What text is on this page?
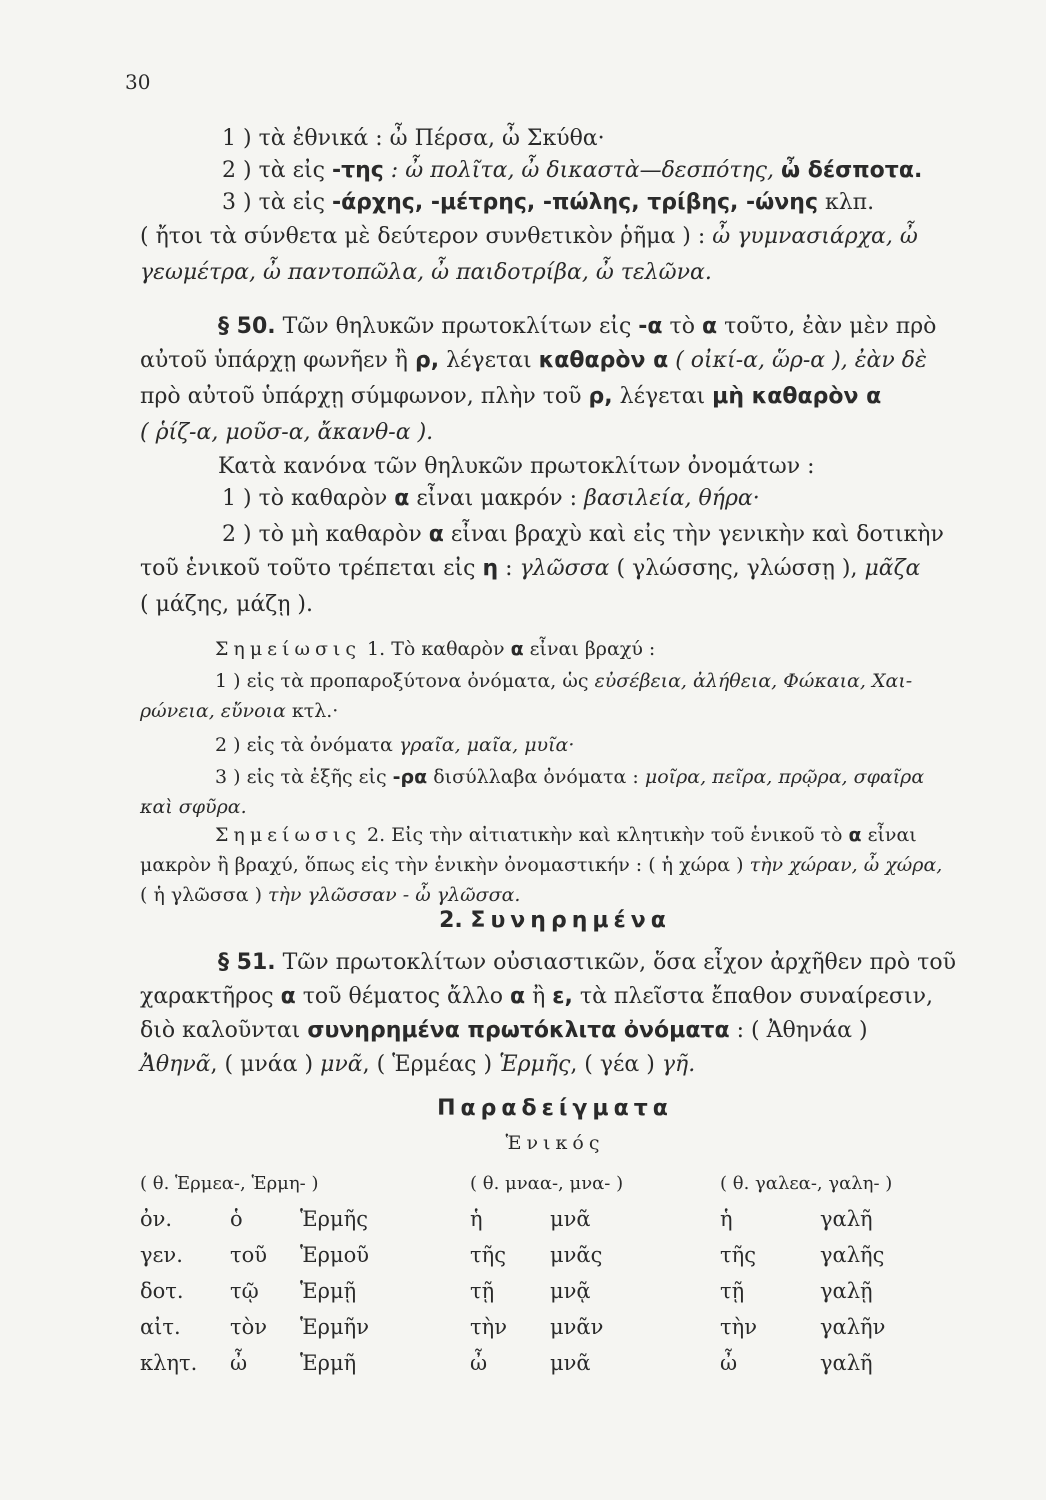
30
1 ) τὰ ἐθνικά : ὦ Πέρσα, ὦ Σκύθα·
2 ) τὰ εἰς -της : ὦ πολῖτα, ὦ δικαστὰ—δεσπότης, ὦ δέσποτα.
3 ) τὰ εἰς -άρχης, -μέτρης, -πώλης, τρίβης, -ώνης κλπ.
( ἤτοι τὰ σύνθετα μὲ δεύτερον συνθετικὸν ῥῆμα ) : ὦ γυμνασιάρχα, ὦ
γεωμέτρα, ὦ παντοπῶλα, ὦ παιδοτρίβα, ὦ τελῶνα.
§ 50. Τῶν θηλυκῶν πρωτοκλίτων εἰς -α τὸ α τοῦτο, ἐὰν μὲν πρὸ
αὐτοῦ ὑπάρχῃ φωνῆεν ἢ ρ, λέγεται καθαρὸν α ( οἰκί-α, ὥρ-α ), ἐὰν δὲ
πρὸ αὐτοῦ ὑπάρχῃ σύμφωνον, πλὴν τοῦ ρ, λέγεται μὴ καθαρὸν α
( ῥίζ-α, μοῦσ-α, ἄκανθ-α ).
Κατὰ κανόνα τῶν θηλυκῶν πρωτοκλίτων ὀνομάτων :
1 ) τὸ καθαρὸν α εἶναι μακρόν : βασιλεία, θήρα·
2 ) τὸ μὴ καθαρὸν α εἶναι βραχὺ καὶ εἰς τὴν γενικὴν καὶ δοτικὴν
τοῦ ἑνικοῦ τοῦτο τρέπεται εἰς η : γλῶσσα ( γλώσσης, γλώσσῃ ), μᾶζα
( μάζης, μάζῃ ).
Σημείωσις 1. Τὸ καθαρὸν α εἶναι βραχύ :
1 ) εἰς τὰ προπαροξύτονα ὀνόματα, ὡς εὐσέβεια, ἀλήθεια, Φώκαια, Χαι-
ρώνεια, εὔνοια κτλ.·
2 ) εἰς τὰ ὀνόματα γραῖα, μαῖα, μυῖα·
3 ) εἰς τὰ ἑξῆς εἰς -ρα δισύλλαβα ὀνόματα : μοῖρα, πεῖρα, πρῷρα, σφαῖρα
καὶ σφῦρα.
Σημείωσις 2. Εἰς τὴν αἰτιατικὴν καὶ κλητικὴν τοῦ ἑνικοῦ τὸ α εἶναι
μακρὸν ἢ βραχύ, ὅπως εἰς τὴν ἑνικὴν ὀνομαστικήν : ( ἡ χώρα ) τὴν χώραν, ὦ χώρα,
( ἡ γλῶσσα ) τὴν γλῶσσαν - ὦ γλῶσσα.
2. Συνηρημένα
§ 51. Τῶν πρωτοκλίτων οὐσιαστικῶν, ὅσα εἶχον ἀρχῆθεν πρὸ τοῦ
χαρακτῆρος α τοῦ θέματος ἄλλο α ἢ ε, τὰ πλεῖστα ἔπαθον συναίρεσιν,
διὸ καλοῦνται συνηρημένα πρωτόκλιτα ὀνόματα : ( Ἀθηνάα )
Ἀθηνᾶ, ( μνάα ) μνᾶ, ( Ἑρμέας ) Ἑρμῆς, ( γέα ) γῆ.
Παραδείγματα
Ἑνικός
( θ. Ἑρμεα-, Ἑρμη- )			( θ. μναα-, μνα- )		( θ. γαλεα-, γαλη- )	
ὀν.	ὁ	Ἑρμῆς	ἡ	μνᾶ	ἡ	γαλῆ
γεν.	τοῦ	Ἑρμοῦ	τῆς	μνᾶς	τῆς	γαλῆς
δοτ.	τῷ	Ἑρμῇ	τῇ	μνᾷ	τῇ	γαλῇ
αἰτ.	τὸν	Ἑρμῆν	τὴν	μνᾶν	τὴν	γαλῆν
κλητ.	ὦ	Ἑρμῆ	ὦ	μνᾶ	ὦ	γαλῆ
